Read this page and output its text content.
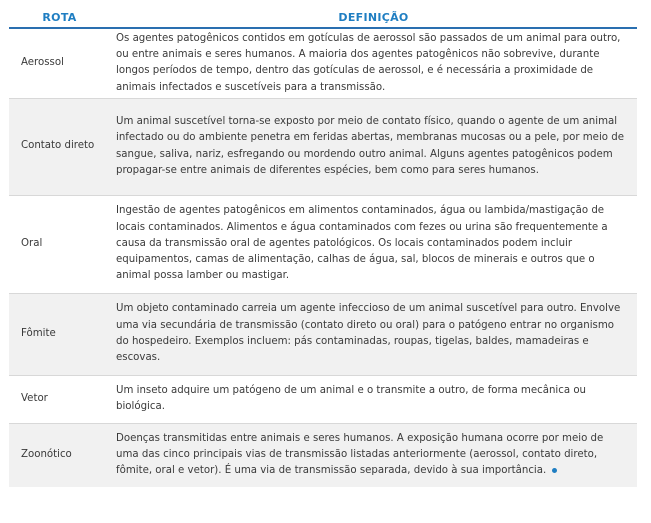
ROTA	DEFINIÇÃO
Aerossol	Os agentes patogênicos contidos em gotículas de aerossol são passados de um animal para outro, ou entre animais e seres humanos. A maioria dos agentes patogênicos não sobrevive, durante longos períodos de tempo, dentro das gotículas de aerossol, e é necessária a proximidade de animais infectados e suscetíveis para a transmissão.
Contato direto	Um animal suscetível torna-se exposto por meio de contato físico, quando o agente de um animal infectado ou do ambiente penetra em feridas abertas, membranas mucosas ou a pele, por meio de sangue, saliva, nariz, esfregando ou mordendo outro animal. Alguns agentes patogênicos podem propagar-se entre animais de diferentes espécies, bem como para seres humanos.
Oral	Ingestão de agentes patogênicos em alimentos contaminados, água ou lambida/mastigação de locais contaminados. Alimentos e água contaminados com fezes ou urina são frequentemente a causa da transmissão oral de agentes patológicos. Os locais contaminados podem incluir equipamentos, camas de alimentação, calhas de água, sal, blocos de minerais e outros que o animal possa lamber ou mastigar.
Fômite	Um objeto contaminado carreia um agente infeccioso de um animal suscetível para outro. Envolve uma via secundária de transmissão (contato direto ou oral) para o patógeno entrar no organismo do hospedeiro. Exemplos incluem: pás contaminadas, roupas, tigelas, baldes, mamadeiras e escovas.
Vetor	Um inseto adquire um patógeno de um animal e o transmite a outro, de forma mecânica ou biológica.
Zoonótico	Doenças transmitidas entre animais e seres humanos. A exposição humana ocorre por meio de uma das cinco principais vias de transmissão listadas anteriormente (aerossol, contato direto, fômite, oral e vetor). É uma via de transmissão separada, devido à sua importância.
